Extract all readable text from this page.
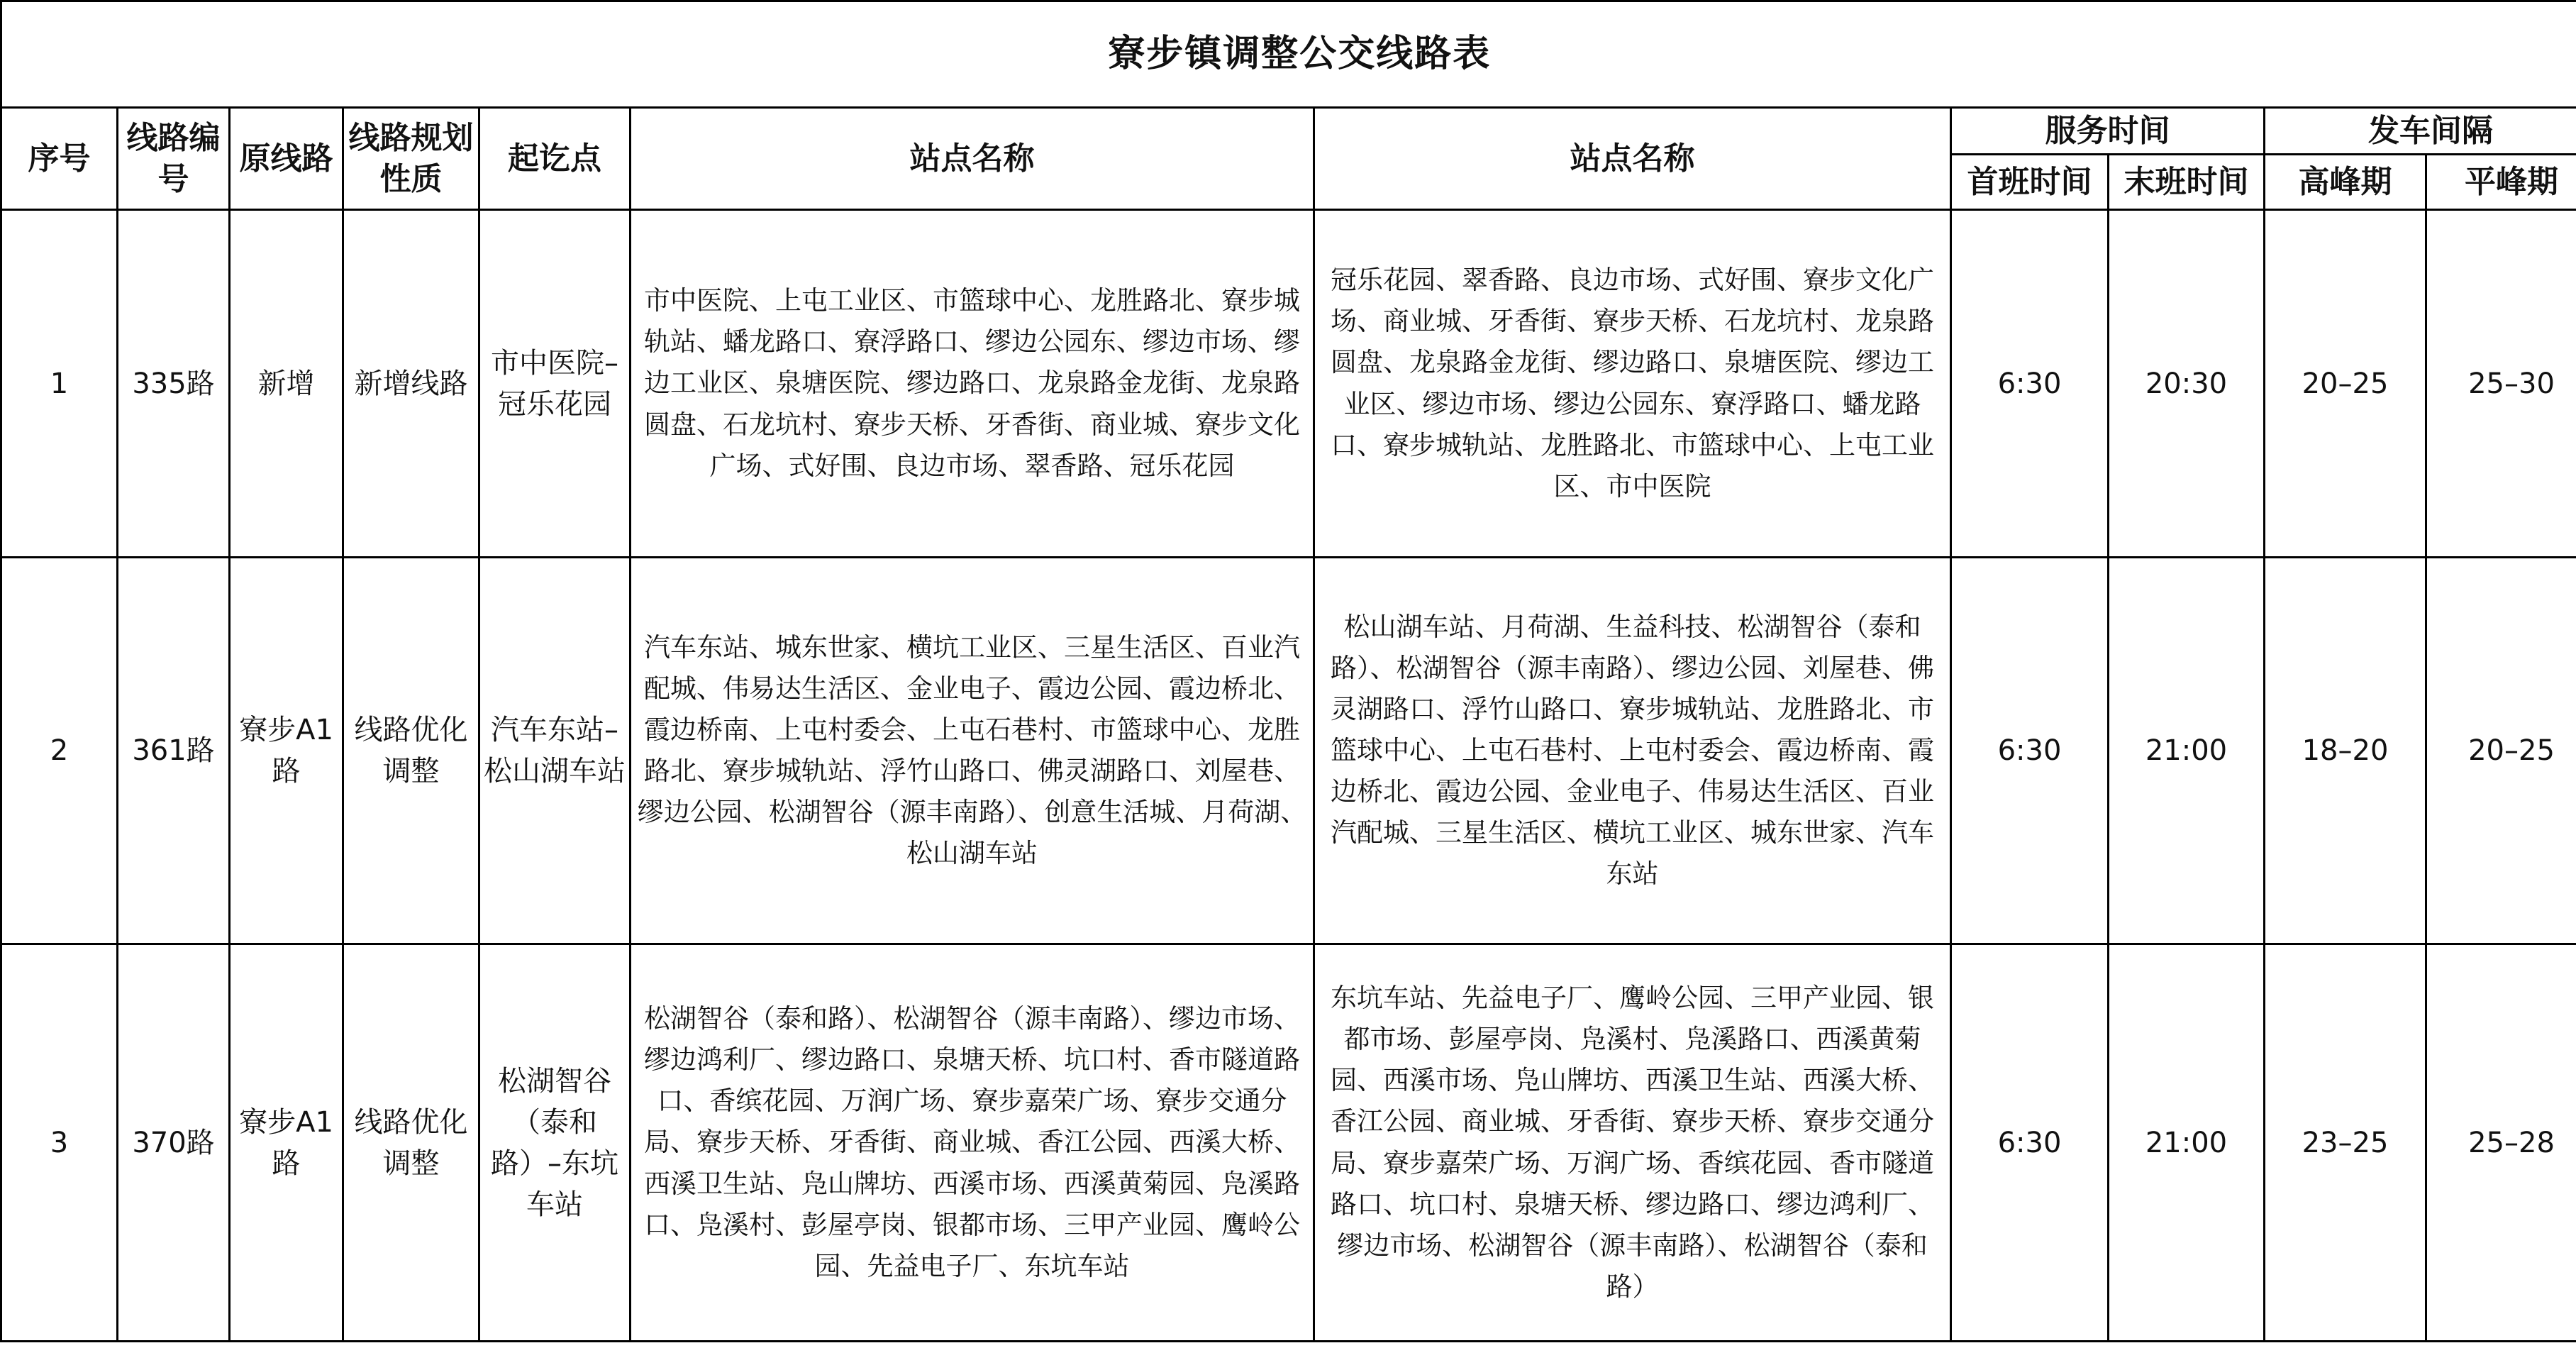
寮步镇调整公交线路表										
序号	线路编号	原线路	线路规划性质	起讫点	站点名称	站点名称	服务时间		发车间隔	
							首班时间	末班时间	高峰期	平峰期
1	335路	新增	新增线路	市中医院–冠乐花园	市中医院、上屯工业区、市篮球中心、龙胜路北、寮步城轨站、蟠龙路口、寮浮路口、缪边公园东、缪边市场、缪边工业区、泉塘医院、缪边路口、龙泉路金龙街、龙泉路圆盘、石龙坑村、寮步天桥、牙香街、商业城、寮步文化广场、式好围、良边市场、翠香路、冠乐花园	冠乐花园、翠香路、良边市场、式好围、寮步文化广场、商业城、牙香街、寮步天桥、石龙坑村、龙泉路圆盘、龙泉路金龙街、缪边路口、泉塘医院、缪边工业区、缪边市场、缪边公园东、寮浮路口、蟠龙路口、寮步城轨站、龙胜路北、市篮球中心、上屯工业区、市中医院	6:30	20:30	20–25	25–30
2	361路	寮步A1路	线路优化调整	汽车东站–松山湖车站	汽车东站、城东世家、横坑工业区、三星生活区、百业汽配城、伟易达生活区、金业电子、霞边公园、霞边桥北、霞边桥南、上屯村委会、上屯石巷村、市篮球中心、龙胜路北、寮步城轨站、浮竹山路口、佛灵湖路口、刘屋巷、缪边公园、松湖智谷（源丰南路）、创意生活城、月荷湖、松山湖车站	松山湖车站、月荷湖、生益科技、松湖智谷（泰和路）、松湖智谷（源丰南路）、缪边公园、刘屋巷、佛灵湖路口、浮竹山路口、寮步城轨站、龙胜路北、市篮球中心、上屯石巷村、上屯村委会、霞边桥南、霞边桥北、霞边公园、金业电子、伟易达生活区、百业汽配城、三星生活区、横坑工业区、城东世家、汽车东站	6:30	21:00	18–20	20–25
3	370路	寮步A1路	线路优化调整	松湖智谷（泰和路）–东坑车站	松湖智谷（泰和路）、松湖智谷（源丰南路）、缪边市场、缪边鸿利厂、缪边路口、泉塘天桥、坑口村、香市隧道路口、香缤花园、万润广场、寮步嘉荣广场、寮步交通分局、寮步天桥、牙香街、商业城、香江公园、西溪大桥、西溪卫生站、凫山牌坊、西溪市场、西溪黄菊园、凫溪路口、凫溪村、彭屋亭岗、银都市场、三甲产业园、鹰岭公园、先益电子厂、东坑车站	东坑车站、先益电子厂、鹰岭公园、三甲产业园、银都市场、彭屋亭岗、凫溪村、凫溪路口、西溪黄菊园、西溪市场、凫山牌坊、西溪卫生站、西溪大桥、香江公园、商业城、牙香街、寮步天桥、寮步交通分局、寮步嘉荣广场、万润广场、香缤花园、香市隧道路口、坑口村、泉塘天桥、缪边路口、缪边鸿利厂、缪边市场、松湖智谷（源丰南路）、松湖智谷（泰和路）	6:30	21:00	23–25	25–28
